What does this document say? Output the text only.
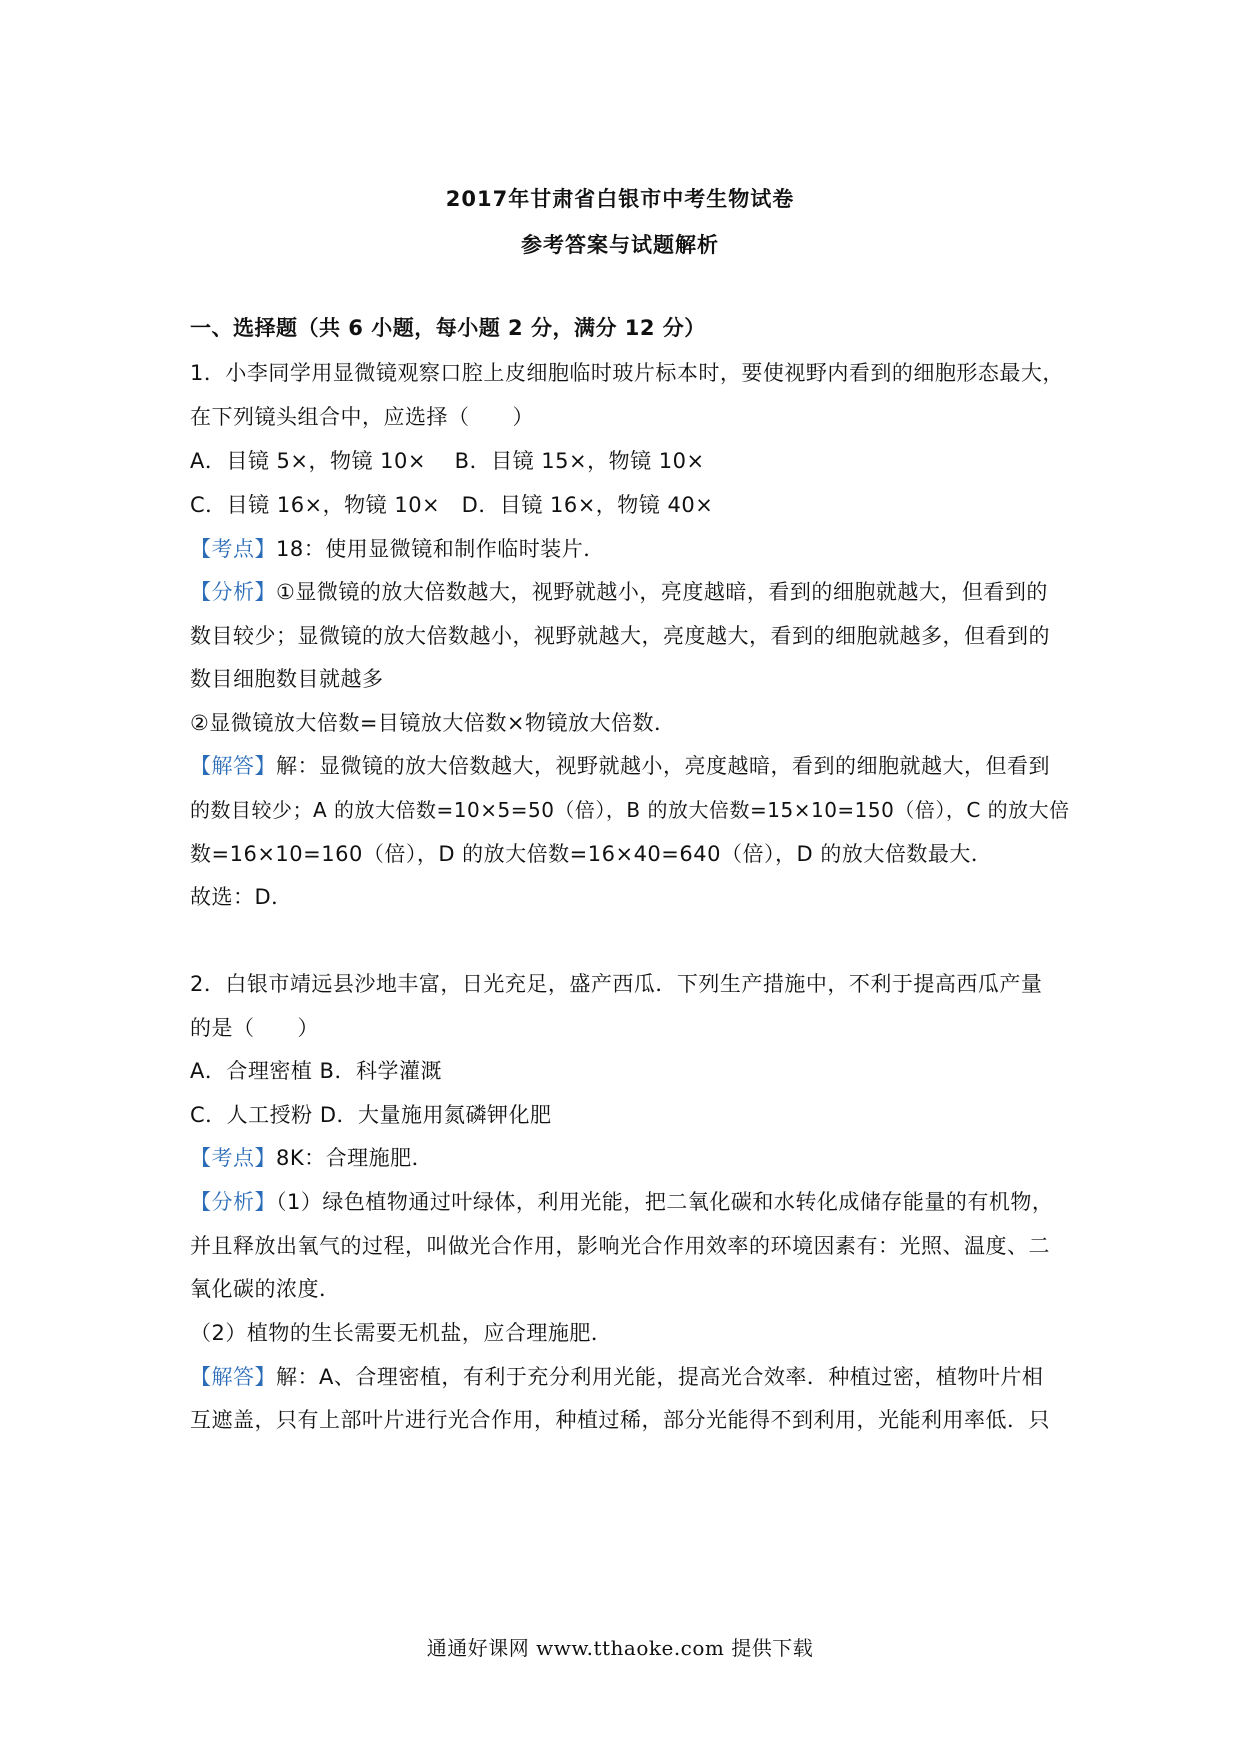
2017年甘肃省白银市中考生物试卷
参考答案与试题解析
一、选择题（共 6 小题，每小题 2 分，满分 12 分）
1．小李同学用显微镜观察口腔上皮细胞临时玻片标本时，要使视野内看到的细胞形态最大，
在下列镜头组合中，应选择（　　）
A．目镜 5×，物镜 10×　 B．目镜 15×，物镜 10×
C．目镜 16×，物镜 10×　D．目镜 16×，物镜 40×
【考点】18：使用显微镜和制作临时装片．
【分析】①显微镜的放大倍数越大，视野就越小，亮度越暗，看到的细胞就越大，但看到的
数目较少；显微镜的放大倍数越小，视野就越大，亮度越大，看到的细胞就越多，但看到的
数目细胞数目就越多
②显微镜放大倍数=目镜放大倍数×物镜放大倍数．
【解答】解：显微镜的放大倍数越大，视野就越小，亮度越暗，看到的细胞就越大，但看到
的数目较少；A 的放大倍数=10×5=50（倍），B 的放大倍数=15×10=150（倍），C 的放大倍
数=16×10=160（倍），D 的放大倍数=16×40=640（倍），D 的放大倍数最大．
故选：D．
2．白银市靖远县沙地丰富，日光充足，盛产西瓜．下列生产措施中，不利于提高西瓜产量
的是（　　）
A．合理密植 B．科学灌溉
C．人工授粉 D．大量施用氮磷钾化肥
【考点】8K：合理施肥．
【分析】（1）绿色植物通过叶绿体，利用光能，把二氧化碳和水转化成储存能量的有机物，
并且释放出氧气的过程，叫做光合作用，影响光合作用效率的环境因素有：光照、温度、二
氧化碳的浓度．
（2）植物的生长需要无机盐，应合理施肥．
【解答】解：A、合理密植，有利于充分利用光能，提高光合效率．种植过密，植物叶片相
互遮盖，只有上部叶片进行光合作用，种植过稀，部分光能得不到利用，光能利用率低．只
通通好课网 www.tthaoke.com 提供下载
